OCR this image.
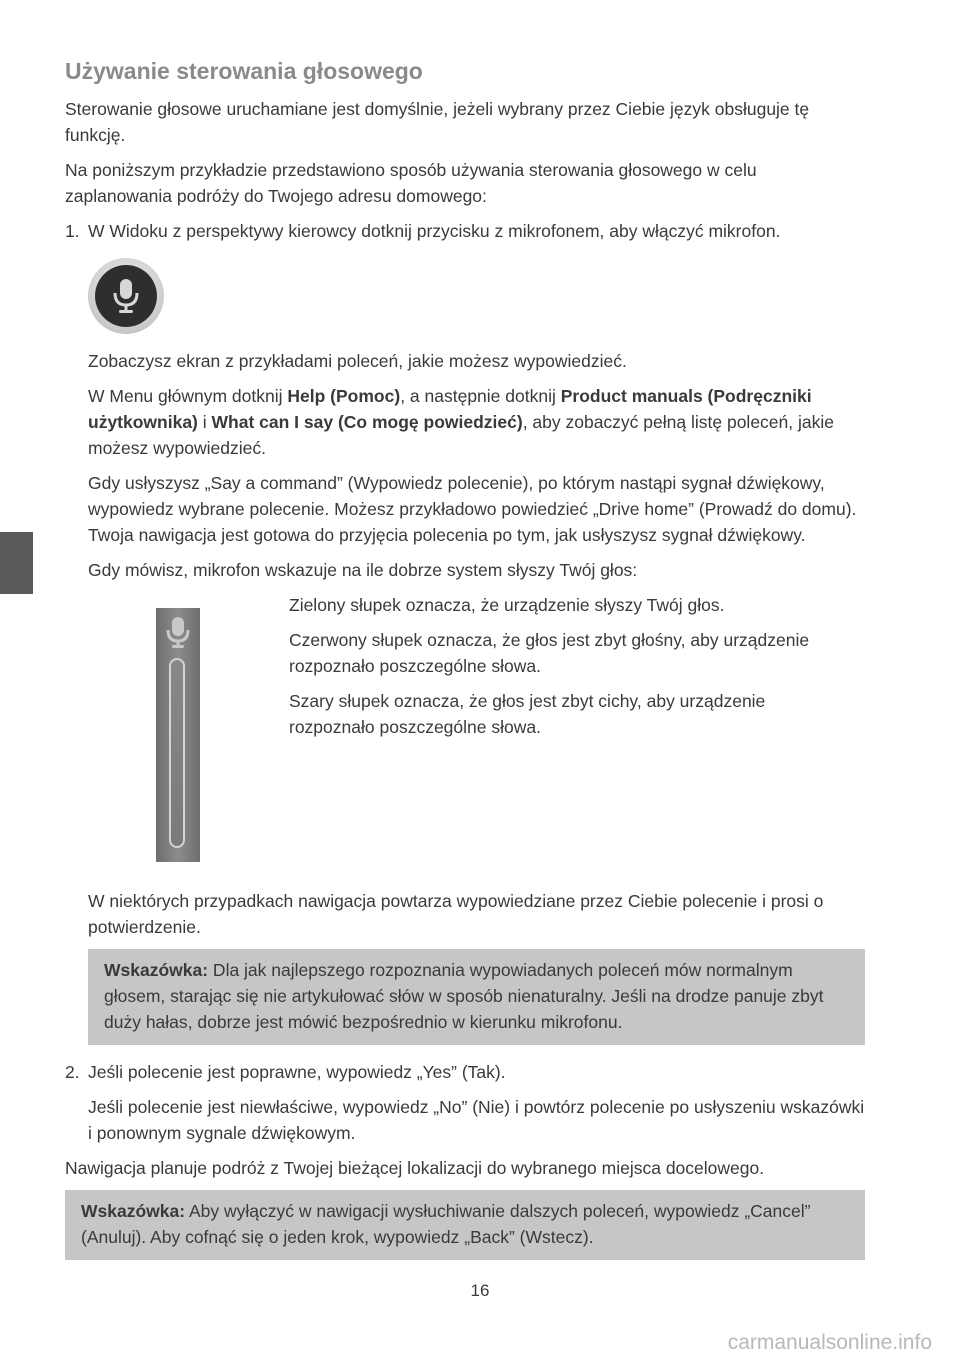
Używanie sterowania głosowego

Sterowanie głosowe uruchamiane jest domyślnie, jeżeli wybrany przez Ciebie język obsługuje tę funkcję.

Na poniższym przykładzie przedstawiono sposób używania sterowania głosowego w celu zaplanowania podróży do Twojego adresu domowego:

1. W Widoku z perspektywy kierowcy dotknij przycisku z mikrofonem, aby włączyć mikrofon.

Zobaczysz ekran z przykładami poleceń, jakie możesz wypowiedzieć.

W Menu głównym dotknij Help (Pomoc), a następnie dotknij Product manuals (Podręczniki użytkownika) i What can I say (Co mogę powiedzieć), aby zobaczyć pełną listę poleceń, jakie możesz wypowiedzieć.

Gdy usłyszysz „Say a command” (Wypowiedz polecenie), po którym nastąpi sygnał dźwiękowy, wypowiedz wybrane polecenie. Możesz przykładowo powiedzieć „Drive home” (Prowadź do domu). Twoja nawigacja jest gotowa do przyjęcia polecenia po tym, jak usłyszysz sygnał dźwiękowy.

Gdy mówisz, mikrofon wskazuje na ile dobrze system słyszy Twój głos:

Zielony słupek oznacza, że urządzenie słyszy Twój głos.

Czerwony słupek oznacza, że głos jest zbyt głośny, aby urządzenie rozpoznało poszczególne słowa.

Szary słupek oznacza, że głos jest zbyt cichy, aby urządzenie rozpoznało poszczególne słowa.

W niektórych przypadkach nawigacja powtarza wypowiedziane przez Ciebie polecenie i prosi o potwierdzenie.

Wskazówka: Dla jak najlepszego rozpoznania wypowiadanych poleceń mów normalnym głosem, starając się nie artykułować słów w sposób nienaturalny. Jeśli na drodze panuje zbyt duży hałas, dobrze jest mówić bezpośrednio w kierunku mikrofonu.

2. Jeśli polecenie jest poprawne, wypowiedz „Yes” (Tak).

Jeśli polecenie jest niewłaściwe, wypowiedz „No” (Nie) i powtórz polecenie po usłyszeniu wskazówki i ponownym sygnale dźwiękowym.

Nawigacja planuje podróż z Twojej bieżącej lokalizacji do wybranego miejsca docelowego.

Wskazówka: Aby wyłączyć w nawigacji wysłuchiwanie dalszych poleceń, wypowiedz „Cancel” (Anuluj). Aby cofnąć się o jeden krok, wypowiedz „Back” (Wstecz).

16
carmanualsonline.info
